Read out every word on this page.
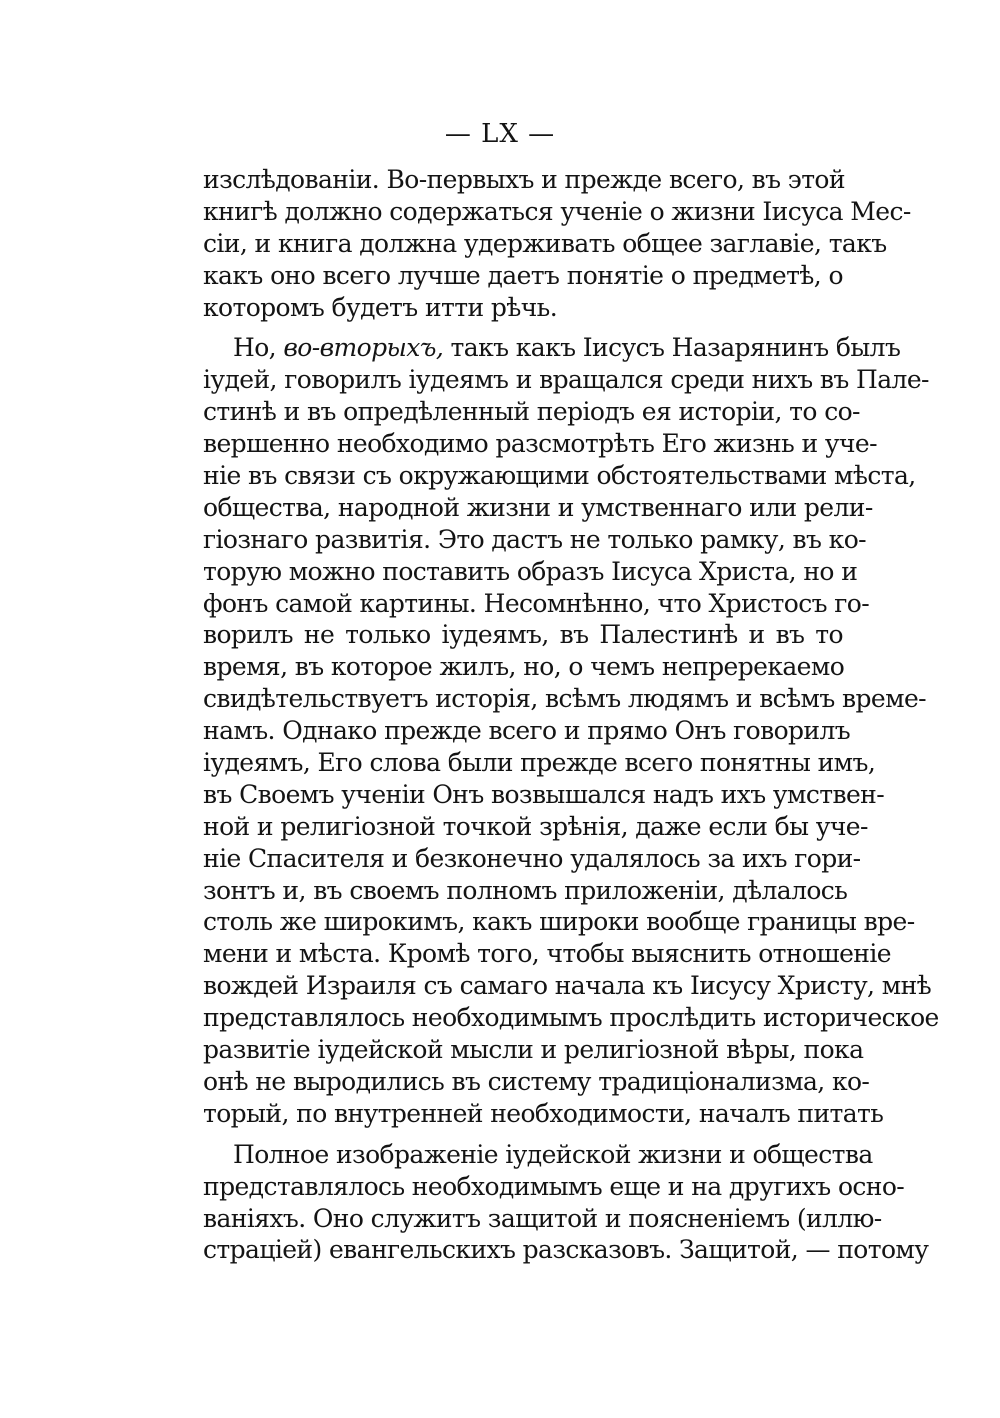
— LX —
изслѣдованіи. Во-первыхъ и прежде всего, въ этой
книгѣ должно содержаться ученіе о жизни Іисуса Мес-
сіи, и книга должна удерживать общее заглавіе, такъ
какъ оно всего лучше даетъ понятіе о предметѣ, о
которомъ будетъ итти рѣчь.
Но, во-вторыхъ, такъ какъ Іисусъ Назарянинъ былъ
іудей, говорилъ іудеямъ и вращался среди нихъ въ Пале-
стинѣ и въ опредѣленный періодъ ея исторіи, то со-
вершенно необходимо разсмотрѣть Его жизнь и уче-
ніе въ связи съ окружающими обстоятельствами мѣста,
общества, народной жизни и умственнаго или рели-
гіознаго развитія. Это дастъ не только рамку, въ ко-
торую можно поставить образъ Іисуса Христа, но и
фонъ самой картины. Несомнѣнно, что Христосъ го-
ворилъ не только іудеямъ, въ Палестинѣ и въ то
время, въ которое жилъ, но, о чемъ непререкаемо
свидѣтельствуетъ исторія, всѣмъ людямъ и всѣмъ време-
намъ. Однако прежде всего и прямо Онъ говорилъ
іудеямъ, Его слова были прежде всего понятны имъ,
въ Своемъ ученіи Онъ возвышался надъ ихъ умствен-
ной и религіозной точкой зрѣнія, даже если бы уче-
ніе Спасителя и безконечно удалялось за ихъ гори-
зонтъ и, въ своемъ полномъ приложеніи, дѣлалось
столь же широкимъ, какъ широки вообще границы вре-
мени и мѣста. Кромѣ того, чтобы выяснить отношеніе
вождей Израиля съ самаго начала къ Іисусу Христу, мнѣ
представлялось необходимымъ прослѣдить историческое
развитіе іудейской мысли и религіозной вѣры, пока
онѣ не выродились въ систему традиціонализма, ко-
торый, по внутренней необходимости, началъ питать
Полное изображеніе іудейской жизни и общества
представлялось необходимымъ еще и на другихъ осно-
ваніяхъ. Оно служитъ защитой и поясненіемъ (иллю-
страціей) евангельскихъ разсказовъ. Защитой, — потому
